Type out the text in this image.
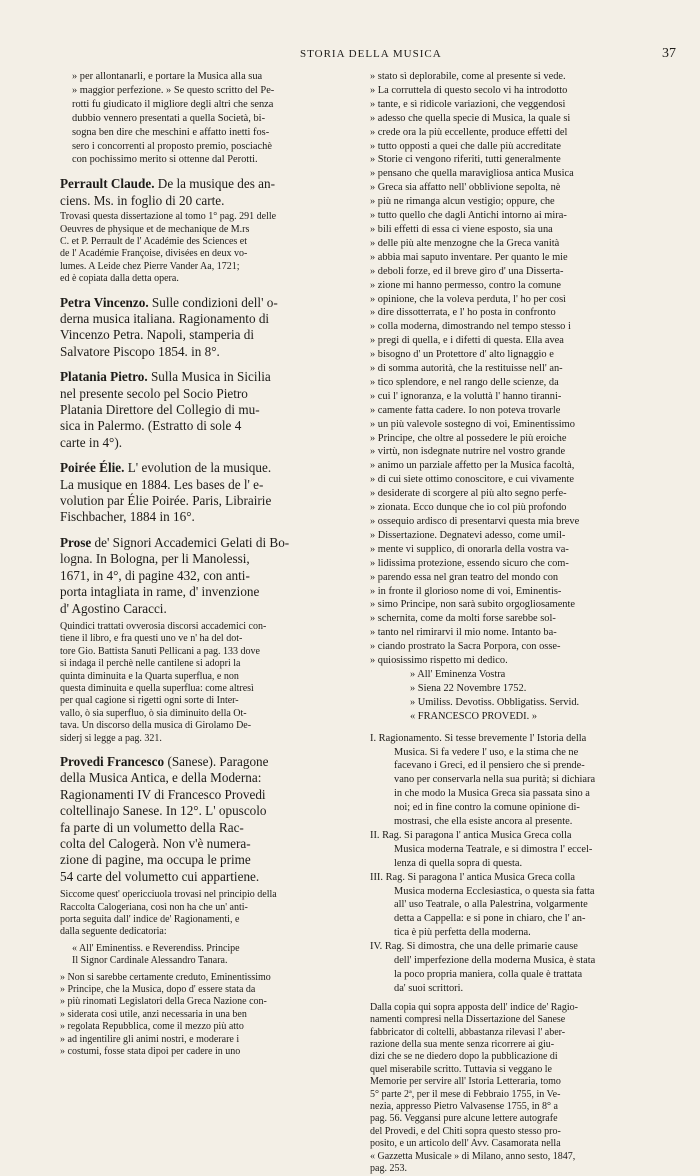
STORIA DELLA MUSICA	37

» per allontanarli, e portare la Musica alla sua
» maggior perfezione. » Se questo scritto del Pe-
rotti fu giudicato il migliore degli altri che senza
dubbio vennero presentati a quella Società, bi-
sogna ben dire che meschini e affatto inetti fos-
sero i concorrenti al proposto premio, posciachè
con pochissimo merito si ottenne dal Perotti.

Perrault Claude. De la musique des an-
ciens. Ms. in foglio di 20 carte.
Trovasi questa dissertazione al tomo 1° pag. 291 delle
Oeuvres de physique et de mechanique de M.rs
C. et P. Perrault de l' Académie des Sciences et
de l' Académie Françoise, divisées en deux vo-
lumes. A Leide chez Pierre Vander Aa, 1721;
ed è copiata dalla detta opera.
Petra Vincenzo. Sulle condizioni dell' o-
derna musica italiana. Ragionamento di
Vincenzo Petra. Napoli, stamperia di
Salvatore Piscopo 1854. in 8°.
Platania Pietro. Sulla Musica in Sicilia
nel presente secolo pel Socio Pietro
Platania Direttore del Collegio di mu-
sica in Palermo. (Estratto di sole 4
carte in 4°).
Poirée Élie. L' evolution de la musique.
La musique en 1884. Les bases de l' e-
volution par Élie Poirée. Paris, Librairie
Fischbacher, 1884 in 16°.
Prose de' Signori Accademici Gelati di Bo-
logna. In Bologna, per li Manolessi,
1671, in 4°, di pagine 432, con anti-
porta intagliata in rame, d' invenzione
d' Agostino Caracci.
Quindici trattati ovverosia discorsi accademici con-
tiene il libro, e fra questi uno ve n' ha del dot-
tore Gio. Battista Sanuti Pellicani a pag. 133 dove
si indaga il perchè nelle cantilene si adopri la
quinta diminuita e la Quarta superflua, e non
questa diminuita e quella superflua: come altresì
per qual cagione si rigetti ogni sorte di Inter-
vallo, ò sia superfluo, ò sia diminuito della Ot-
tava. Un discorso della musica di Girolamo De-
siderj si legge a pag. 321.
Provedi Francesco (Sanese). Paragone
della Musica Antica, e della Moderna:
Ragionamenti IV di Francesco Provedi
coltellinajo Sanese. In 12°. L' opuscolo
fa parte di un volumetto della Rac-
colta del Calogerà. Non v'è numera-
zione di pagine, ma occupa le prime
54 carte del volumetto cui appartiene.
Siccome quest' opericciuola trovasi nel principio della
Raccolta Calogeriana, così non ha che un' anti-
porta seguita dall' indice de' Ragionamenti, e
dalla seguente dedicatoria:
« All' Eminentiss. e Reverendiss. Principe
Il Signor Cardinale Alessandro Tanara.
» Non si sarebbe certamente creduto, Eminentissimo
» Principe, che la Musica, dopo d' essere stata da
» più rinomati Legislatori della Greca Nazione con-
» siderata così utile, anzi necessaria in una ben
» regolata Repubblica, come il mezzo più atto
» ad ingentilire gli animi nostri, e moderare i
» costumi, fosse stata dipoi per cadere in uno

» stato sì deplorabile, come al presente si vede.
» La corruttela di questo secolo vi ha introdotto
» tante, e sì ridicole variazioni, che veggendosi
» adesso che quella specie di Musica, la quale si
» crede ora la più eccellente, produce effetti del
» tutto opposti a quei che dalle più accreditate
» Storie ci vengono riferiti, tutti generalmente
» pensano che quella maravigliosa antica Musica
» Greca sia affatto nell' obblivione sepolta, nè
» più ne rimanga alcun vestigio; oppure, che
» tutto quello che dagli Antichi intorno ai mira-
» bili effetti di essa ci viene esposto, sia una
» delle più alte menzogne che la Greca vanità
» abbia mai saputo inventare. Per quanto le mie
» deboli forze, ed il breve giro d' una Disserta-
» zione mi hanno permesso, contro la comune
» opinione, che la voleva perduta, l' ho per così
» dire dissotterrata, e l' ho posta in confronto
» colla moderna, dimostrando nel tempo stesso i
» pregi di quella, e i difetti di questa. Ella avea
» bisogno d' un Protettore d' alto lignaggio e
» di somma autorità, che la restituisse nell' an-
» tico splendore, e nel rango delle scienze, da
» cui l' ignoranza, e la voluttà l' hanno tiranni-
» camente fatta cadere. Io non poteva trovarle
» un più valevole sostegno di voi, Eminentissimo
» Principe, che oltre al possedere le più eroiche
» virtù, non isdegnate nutrire nel vostro grande
» animo un parziale affetto per la Musica facoltà,
» di cui siete ottimo conoscitore, e cui vivamente
» desiderate di scorgere al più alto segno perfe-
» zionata. Ecco dunque che io col più profondo
» ossequio ardisco di presentarvi questa mia breve
» Dissertazione. Degnatevi adesso, come umil-
» mente vi supplico, di onorarla della vostra va-
» lidissima protezione, essendo sicuro che com-
» parendo essa nel gran teatro del mondo con
» in fronte il glorioso nome di voi, Eminentis-
» simo Principe, non sarà subito orgogliosamente
» schernita, come da molti forse sarebbe sol-
» tanto nel rimirarvi il mio nome. Intanto ba-
» ciando prostrato la Sacra Porpora, con osse-
» quiosissimo rispetto mi dedico.

» All' Eminenza Vostra
» Siena 22 Novembre 1752.
» Umiliss. Devotiss. Obbligatiss. Servid.
« FRANCESCO PROVEDI. »

I. Ragionamento. Si tesse brevemente l' Istoria della
Musica. Si fa vedere l' uso, e la stima che ne
facevano i Greci, ed il pensiero che si prende-
vano per conservarla nella sua purità; si dichiara
in che modo la Musica Greca sia passata sino a
noi; ed in fine contro la comune opinione di-
mostrasi, che ella esiste ancora al presente.

II. Rag. Si paragona l' antica Musica Greca colla
Musica moderna Teatrale, e si dimostra l' eccel-
lenza di quella sopra di questa.

III. Rag. Si paragona l' antica Musica Greca colla
Musica moderna Ecclesiastica, o questa sia fatta
all' uso Teatrale, o alla Palestrina, volgarmente
detta a Cappella: e si pone in chiaro, che l' an-
tica è più perfetta della moderna.

IV. Rag. Si dimostra, che una delle primarie cause
dell' imperfezione della moderna Musica, è stata
la poco propria maniera, colla quale è trattata
da' suoi scrittori.

Dalla copia qui sopra apposta dell' indice de' Ragio-
namenti compresi nella Dissertazione del Sanese
fabbricator di coltelli, abbastanza rilevasi l' aber-
razione della sua mente senza ricorrere ai giu-
dizi che se ne diedero dopo la pubblicazione di
quel miserabile scritto. Tuttavia si veggano le
Memorie per servire all' Istoria Letteraria, tomo
5° parte 2ª, per il mese di Febbraio 1755, in Ve-
nezia, appresso Pietro Valvasense 1755, in 8° a
pag. 56. Veggansi pure alcune lettere autografe
del Provedi, e del Chiti sopra questo stesso pro-
posito, e un articolo dell' Avv. Casamorata nella
« Gazzetta Musicale » di Milano, anno sesto, 1847,
pag. 253.
